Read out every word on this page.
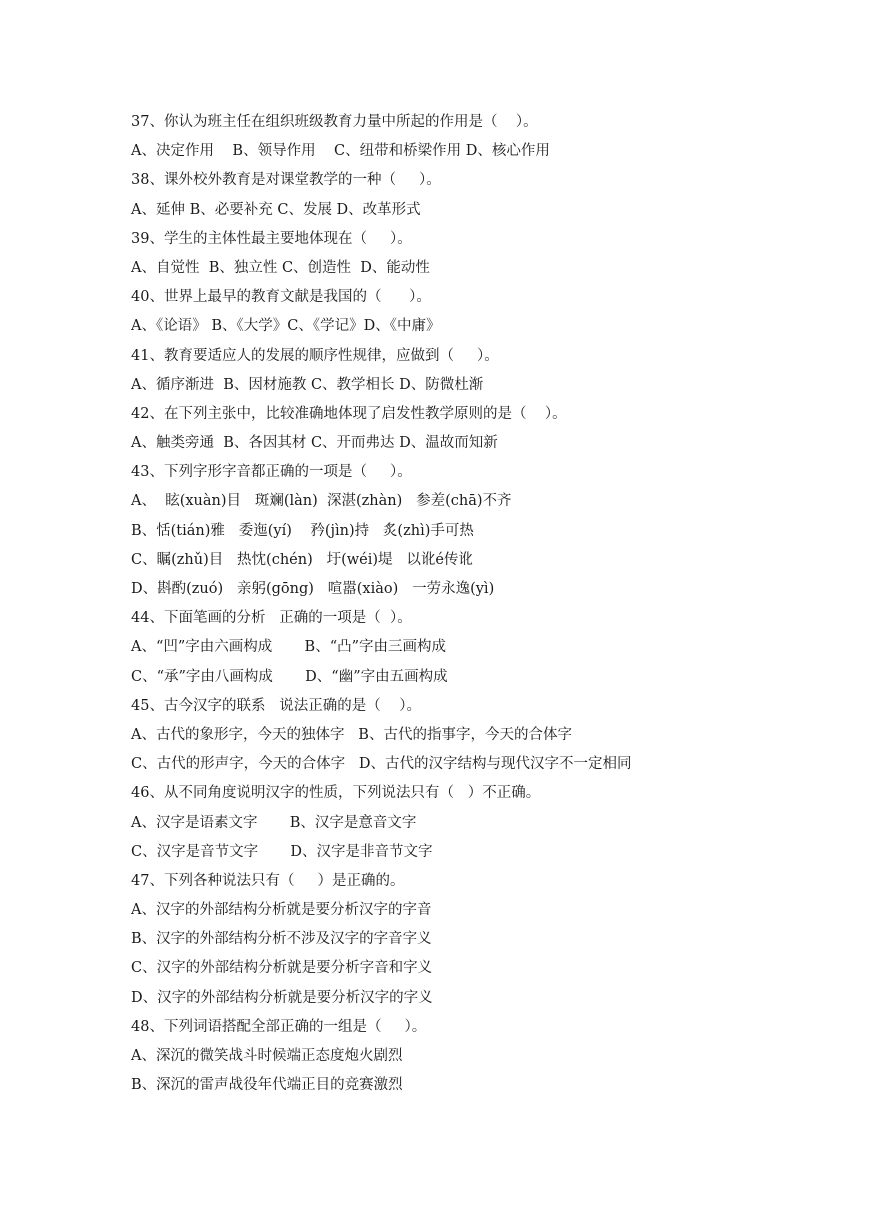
37、你认为班主任在组织班级教育力量中所起的作用是（    ）。
A、决定作用    B、领导作用    C、纽带和桥梁作用 D、核心作用
38、课外校外教育是对课堂教学的一种（     ）。
A、延伸 B、必要补充 C、发展 D、改革形式
39、学生的主体性最主要地体现在（     ）。
A、自觉性  B、独立性 C、创造性  D、能动性
40、世界上最早的教育文献是我国的（      ）。
A、《论语》 B、《大学》C、《学记》D、《中庸》
41、教育要适应人的发展的顺序性规律，应做到（     ）。
A、循序渐进  B、因材施教 C、教学相长 D、防微杜渐
42、在下列主张中，比较准确地体现了启发性教学原则的是（    ）。
A、触类旁通  B、各因其材 C、开而弗达 D、温故而知新
43、下列字形字音都正确的一项是（     ）。
A、  眩(xuàn)目   斑斓(làn)  深湛(zhàn)   参差(chā)不齐
B、恬(tián)雅   委迤(yí)    矜(jìn)持   炙(zhì)手可热
C、瞩(zhǔ)目   热忱(chén)   圩(wéi)堤   以讹é传讹
D、斟酌(zuó)   亲躬(gōng)   喧嚣(xiào)   一劳永逸(yì)
44、下面笔画的分析   正确的一项是（  ）。
A、“凹”字由六画构成       B、“凸”字由三画构成
C、“承”字由八画构成       D、“幽”字由五画构成
45、古今汉字的联系   说法正确的是（    ）。
A、古代的象形字，今天的独体字   B、古代的指事字，今天的合体字
C、古代的形声字，今天的合体字   D、古代的汉字结构与现代汉字不一定相同
46、从不同角度说明汉字的性质，下列说法只有（   ）不正确。
A、汉字是语素文字       B、汉字是意音文字
C、汉字是音节文字       D、汉字是非音节文字
47、下列各种说法只有（     ）是正确的。
A、汉字的外部结构分析就是要分析汉字的字音
B、汉字的外部结构分析不涉及汉字的字音字义
C、汉字的外部结构分析就是要分析字音和字义
D、汉字的外部结构分析就是要分析汉字的字义
48、下列词语搭配全部正确的一组是（     ）。
A、深沉的微笑战斗时候端正态度炮火剧烈
B、深沉的雷声战役年代端正目的竞赛激烈
